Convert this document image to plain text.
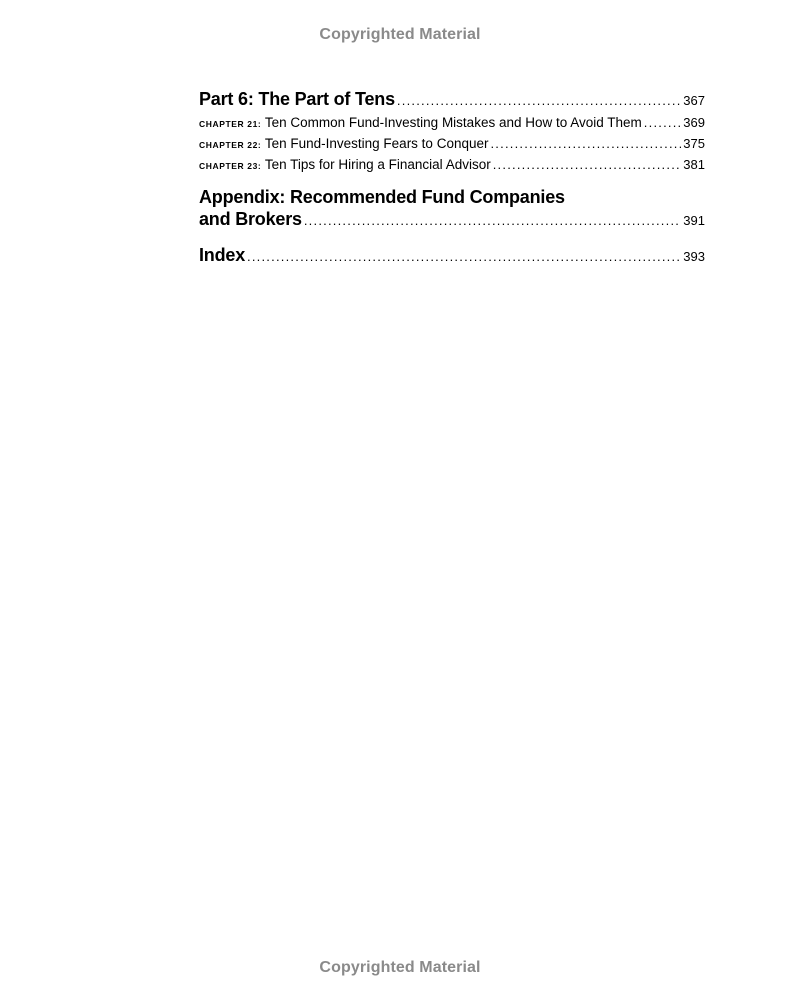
Copyrighted Material
Part 6: The Part of Tens . . .	367
CHAPTER 21: Ten Common Fund-Investing Mistakes and How to Avoid Them . . .	369
CHAPTER 22: Ten Fund-Investing Fears to Conquer . . .	375
CHAPTER 23: Ten Tips for Hiring a Financial Advisor . . .	381
Appendix: Recommended Fund Companies
and Brokers . . .	391
Index . . .	393
Copyrighted Material
